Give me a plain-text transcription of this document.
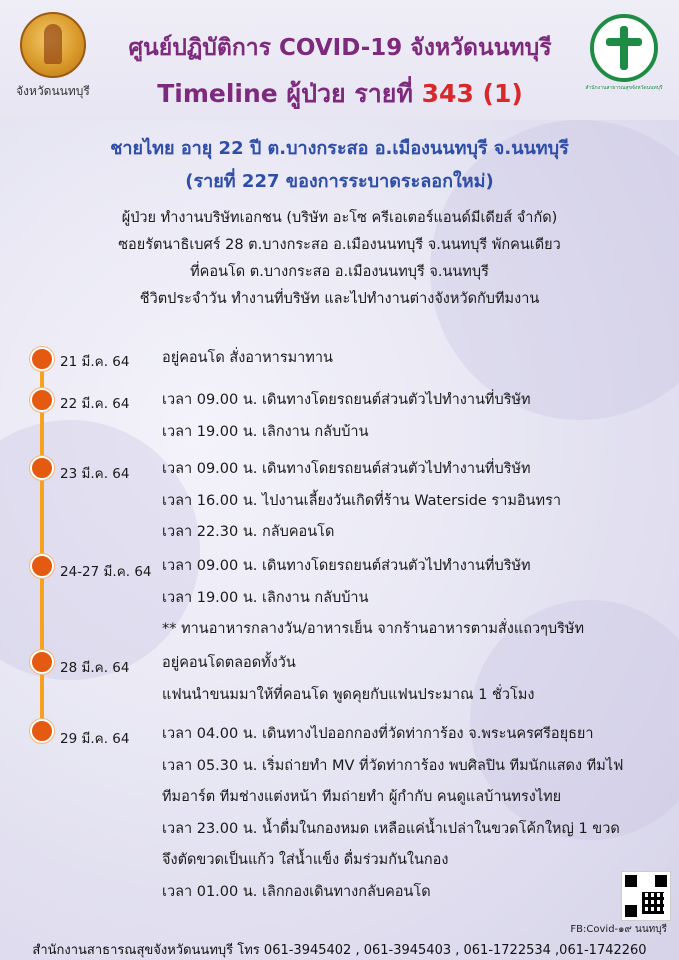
จังหวัดนนทบุรี	สำนักงานสาธารณสุขจังหวัดนนทบุรี
ศูนย์ปฏิบัติการ COVID-19 จังหวัดนนทบุรี
Timeline ผู้ป่วย รายที่ 343 (1)
ชายไทย อายุ 22 ปี ต.บางกระสอ อ.เมืองนนทบุรี จ.นนทบุรี
(รายที่ 227 ของการระบาดระลอกใหม่)
ผู้ป่วย ทำงานบริษัทเอกชน (บริษัท อะโซ ครีเอเตอร์แอนด์มีเดียส์ จำกัด)
ซอยรัตนาธิเบศร์ 28 ต.บางกระสอ อ.เมืองนนทบุรี จ.นนทบุรี พักคนเดียว
ที่คอนโด ต.บางกระสอ อ.เมืองนนทบุรี จ.นนทบุรี
ชีวิตประจำวัน ทำงานที่บริษัท และไปทำงานต่างจังหวัดกับทีมงาน
21 มี.ค. 64 อยู่คอนโด สั่งอาหารมาทาน
22 มี.ค. 64 เวลา 09.00 น. เดินทางโดยรถยนต์ส่วนตัวไปทำงานที่บริษัท
เวลา 19.00 น. เลิกงาน กลับบ้าน
23 มี.ค. 64 เวลา 09.00 น. เดินทางโดยรถยนต์ส่วนตัวไปทำงานที่บริษัท
เวลา 16.00 น. ไปงานเลี้ยงวันเกิดที่ร้าน Waterside รามอินทรา
เวลา 22.30 น. กลับคอนโด
24-27 มี.ค. 64 เวลา 09.00 น. เดินทางโดยรถยนต์ส่วนตัวไปทำงานที่บริษัท
เวลา 19.00 น. เลิกงาน กลับบ้าน
** ทานอาหารกลางวัน/อาหารเย็น จากร้านอาหารตามสั่งแถวๆบริษัท
28 มี.ค. 64 อยู่คอนโดตลอดทั้งวัน
แฟนนำขนมมาให้ที่คอนโด พูดคุยกับแฟนประมาณ 1 ชั่วโมง
29 มี.ค. 64 เวลา 04.00 น. เดินทางไปออกกองที่วัดท่าการ้อง จ.พระนครศรีอยุธยา
เวลา 05.30 น. เริ่มถ่ายทำ MV ที่วัดท่าการ้อง พบศิลปิน ทีมนักแสดง ทีมไฟ
ทีมอาร์ต ทีมช่างแต่งหน้า ทีมถ่ายทำ ผู้กำกับ คนดูแลบ้านทรงไทย
เวลา 23.00 น. น้ำดื่มในกองหมด เหลือแค่น้ำเปล่าในขวดโค้กใหญ่ 1 ขวด
จึงตัดขวดเป็นแก้ว ใส่น้ำแข็ง ดื่มร่วมกันในกอง
เวลา 01.00 น. เลิกกองเดินทางกลับคอนโด
FB:Covid-๑๙ นนทบุรี
สำนักงานสาธารณสุขจังหวัดนนทบุรี โทร 061-3945402 , 061-3945403 , 061-1722534 ,061-1742260
